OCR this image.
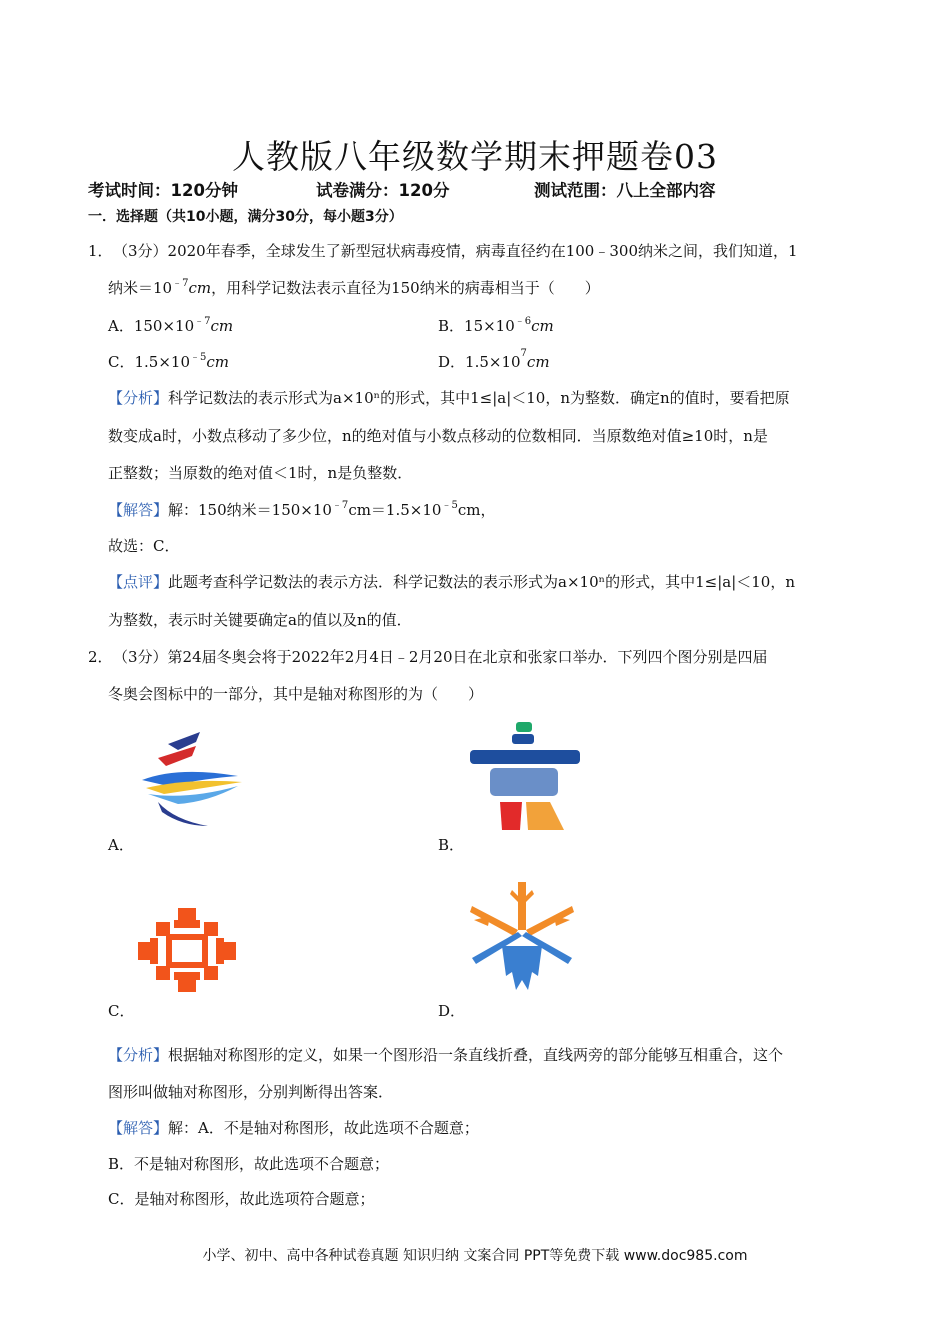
人教版八年级数学期末押题卷03
考试时间：120分钟	试卷满分：120分	测试范围：八上全部内容
一．选择题（共10小题，满分30分，每小题3分）
1． （3分）2020年春季，全球发生了新型冠状病毒疫情，病毒直径约在100﹣300纳米之间，我们知道，1
纳米$=10^{﹣7}cm$，用科学记数法表示直径为150纳米的病毒相当于（　　）
A．$150\times 10^{﹣7}cm$	B．$15\times 10^{﹣6}cm$
C．$1.5\times 10^{﹣5}cm$	D．$1.5\times 10^7cm$
【分析】科学记数法的表示形式为a×10ⁿ的形式，其中1≤|a|＜10，n为整数．确定n的值时，要看把原
数变成a时，小数点移动了多少位，n的绝对值与小数点移动的位数相同．当原数绝对值≥10时，n是
正整数；当原数的绝对值＜1时，n是负整数．
【解答】解：150纳米$=150\times 10^{﹣7}cm=1.5\times 10^{﹣5}cm$，
故选：C．
【点评】此题考查科学记数法的表示方法．科学记数法的表示形式为a×10ⁿ的形式，其中1≤|a|＜10，n
为整数，表示时关键要确定a的值以及n的值．
2． （3分）第24届冬奥会将于2022年2月4日﹣2月20日在北京和张家口举办．下列四个图分别是四届
冬奥会图标中的一部分，其中是轴对称图形的为（　　）
A．	B．
C．	D．
【分析】根据轴对称图形的定义，如果一个图形沿一条直线折叠，直线两旁的部分能够互相重合，这个
图形叫做轴对称图形，分别判断得出答案．
【解答】解：A．不是轴对称图形，故此选项不合题意；
B．不是轴对称图形，故此选项不合题意；
C．是轴对称图形，故此选项符合题意；
小学、初中、高中各种试卷真题 知识归纳 文案合同 PPT等免费下载 www.doc985.com
